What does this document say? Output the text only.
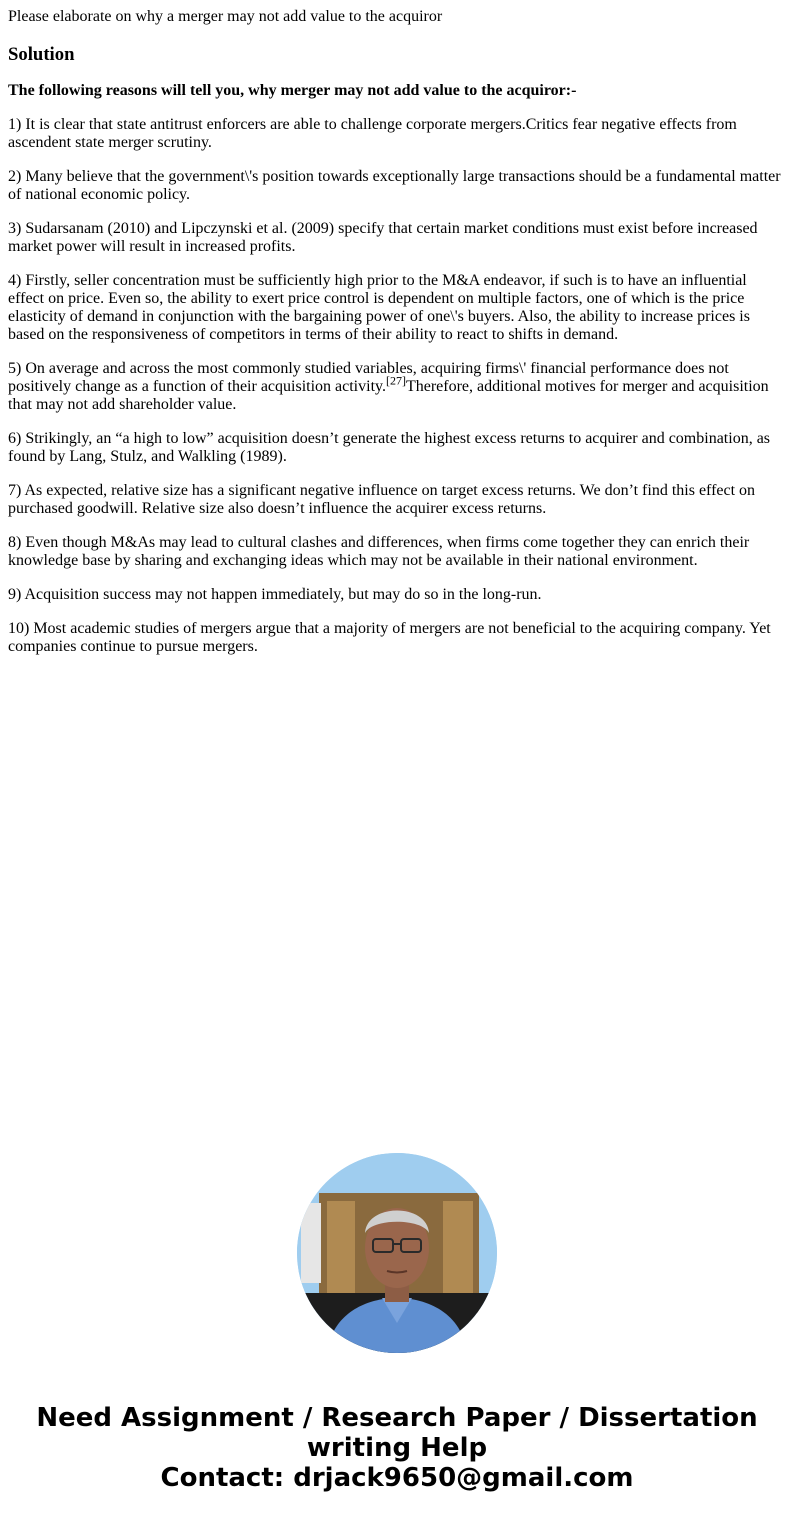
Please elaborate on why a merger may not add value to the acquiror

Solution

The following reasons will tell you, why merger may not add value to the acquiror:-

1) It is clear that state antitrust enforcers are able to challenge corporate mergers.Critics fear negative effects from ascendent state merger scrutiny.

2) Many believe that the government\'s position towards exceptionally large transactions should be a fundamental matter of national economic policy.

3) Sudarsanam (2010) and Lipczynski et al. (2009) specify that certain market conditions must exist before increased market power will result in increased profits.

4) Firstly, seller concentration must be sufficiently high prior to the M&A endeavor, if such is to have an influential effect on price. Even so, the ability to exert price control is dependent on multiple factors, one of which is the price elasticity of demand in conjunction with the bargaining power of one\'s buyers. Also, the ability to increase prices is based on the responsiveness of competitors in terms of their ability to react to shifts in demand.

5) On average and across the most commonly studied variables, acquiring firms\' financial performance does not positively change as a function of their acquisition activity.[27]Therefore, additional motives for merger and acquisition that may not add shareholder value.

6) Strikingly, an “a high to low” acquisition doesn’t generate the highest excess returns to acquirer and combination, as found by Lang, Stulz, and Walkling (1989).

7) As expected, relative size has a significant negative influence on target excess returns. We don’t find this effect on purchased goodwill. Relative size also doesn’t influence the acquirer excess returns.

8) Even though M&As may lead to cultural clashes and differences, when firms come together they can enrich their knowledge base by sharing and exchanging ideas which may not be available in their national environment.

9) Acquisition success may not happen immediately, but may do so in the long-run.

10) Most academic studies of mergers argue that a majority of mergers are not beneficial to the acquiring company. Yet companies continue to pursue mergers.

Need Assignment / Research Paper / Dissertation
writing Help
Contact: drjack9650@gmail.com
